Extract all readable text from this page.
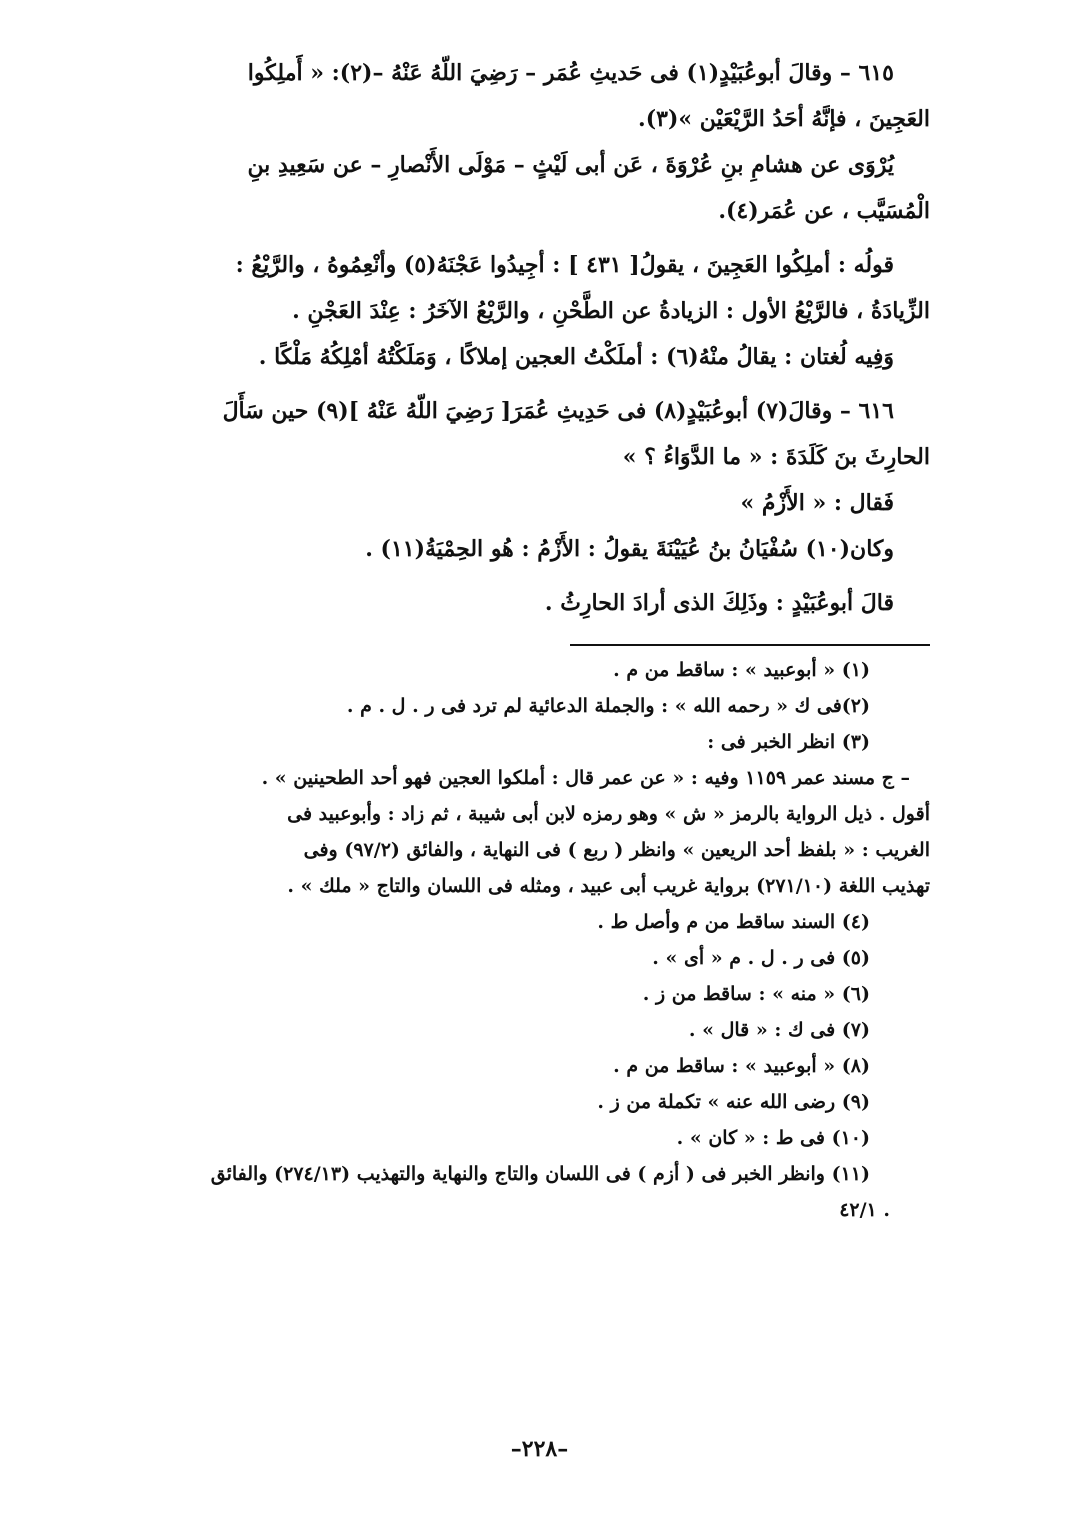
٦١٥ – وقالَ أبوعُبَيْدٍ(١) فى حَديثِ عُمَر – رَضِيَ اللّهُ عَنْهُ –(٢): « أَملِكُوا

العَجِينَ ، فإنَّهُ أحَدُ الرَّيْعَيْن »(٣).

يُرْوَى عن هشامِ بنِ عُرْوَةَ ، عَن أبى لَيْثٍ – مَوْلَى الأَنْصارِ – عن سَعِيدِ بنِ

الْمُسَيَّب ، عن عُمَر(٤).

قولُه : أملِكُوا العَجِينَ ، يقولُ[ ٤٣١ ] : أجِيدُوا عَجْنَهُ(٥) وأنْعِمُوهُ ، والرَّيْعُ :

الزِّيادَةُ ، فالرَّيْعُ الأول : الزيادةُ عن الطَّحْنِ ، والرَّيْعُ الآخَرُ : عِنْدَ العَجْنِ .

وَفِيه لُغتان : يقالُ منْهُ(٦) : أملَكْتُ العجين إملاكًا ، وَمَلَكْتُهُ أمْلِكُهُ مَلْكًا .

٦١٦ – وقالَ(٧) أبوعُبَيْدٍ(٨) فى حَدِيثِ عُمَرَ[ رَضِيَ اللّهُ عَنْهُ ](٩) حين سَأَلَ

الحارِثَ بنَ كَلَدَةَ : « ما الدَّوَاءُ ؟ »

فَقال : « الأَزْمُ »

وكان(١٠) سُفْيَانُ بنُ عُيَيْنَةَ يقولُ : الأَزْمُ : هُو الحِمْيَةُ(١١) .

قالَ أبوعُبَيْدٍ : وذَلِكَ الذى أرادَ الحارِثُ .

(١) « أبوعبيد » : ساقط من م .

(٢)فى ك « رحمه الله » : والجملة الدعائية لم ترد فى ر . ل . م .

(٣) انظر الخبر فى :

– ج مسند عمر ١١٥٩ وفيه : « عن عمر قال : أملكوا العجين فهو أحد الطحينين » .

أقول . ذيل الرواية بالرمز « ش » وهو رمزه لابن أبى شيبة ، ثم زاد : وأبوعبيد فى

الغريب : « بلفظ أحد الريعين » وانظر ( ربع ) فى النهاية ، والفائق (٩٧/٢) وفى

تهذيب اللغة (٢٧١/١٠) برواية غريب أبى عبيد ، ومثله فى اللسان والتاج « ملك » .

(٤) السند ساقط من م وأصل ط .

(٥) فى ر . ل . م « أى » .

(٦) « منه » : ساقط من ز .

(٧) فى ك : « قال » .

(٨) « أبوعبيد » : ساقط من م .

(٩) رضى الله عنه » تكملة من ز .

(١٠) فى ط : « كان » .

(١١) وانظر الخبر فى ( أزم ) فى اللسان والتاج والنهاية والتهذيب (٢٧٤/١٣) والفائق

. ٤٢/١

–٢٢٨–
